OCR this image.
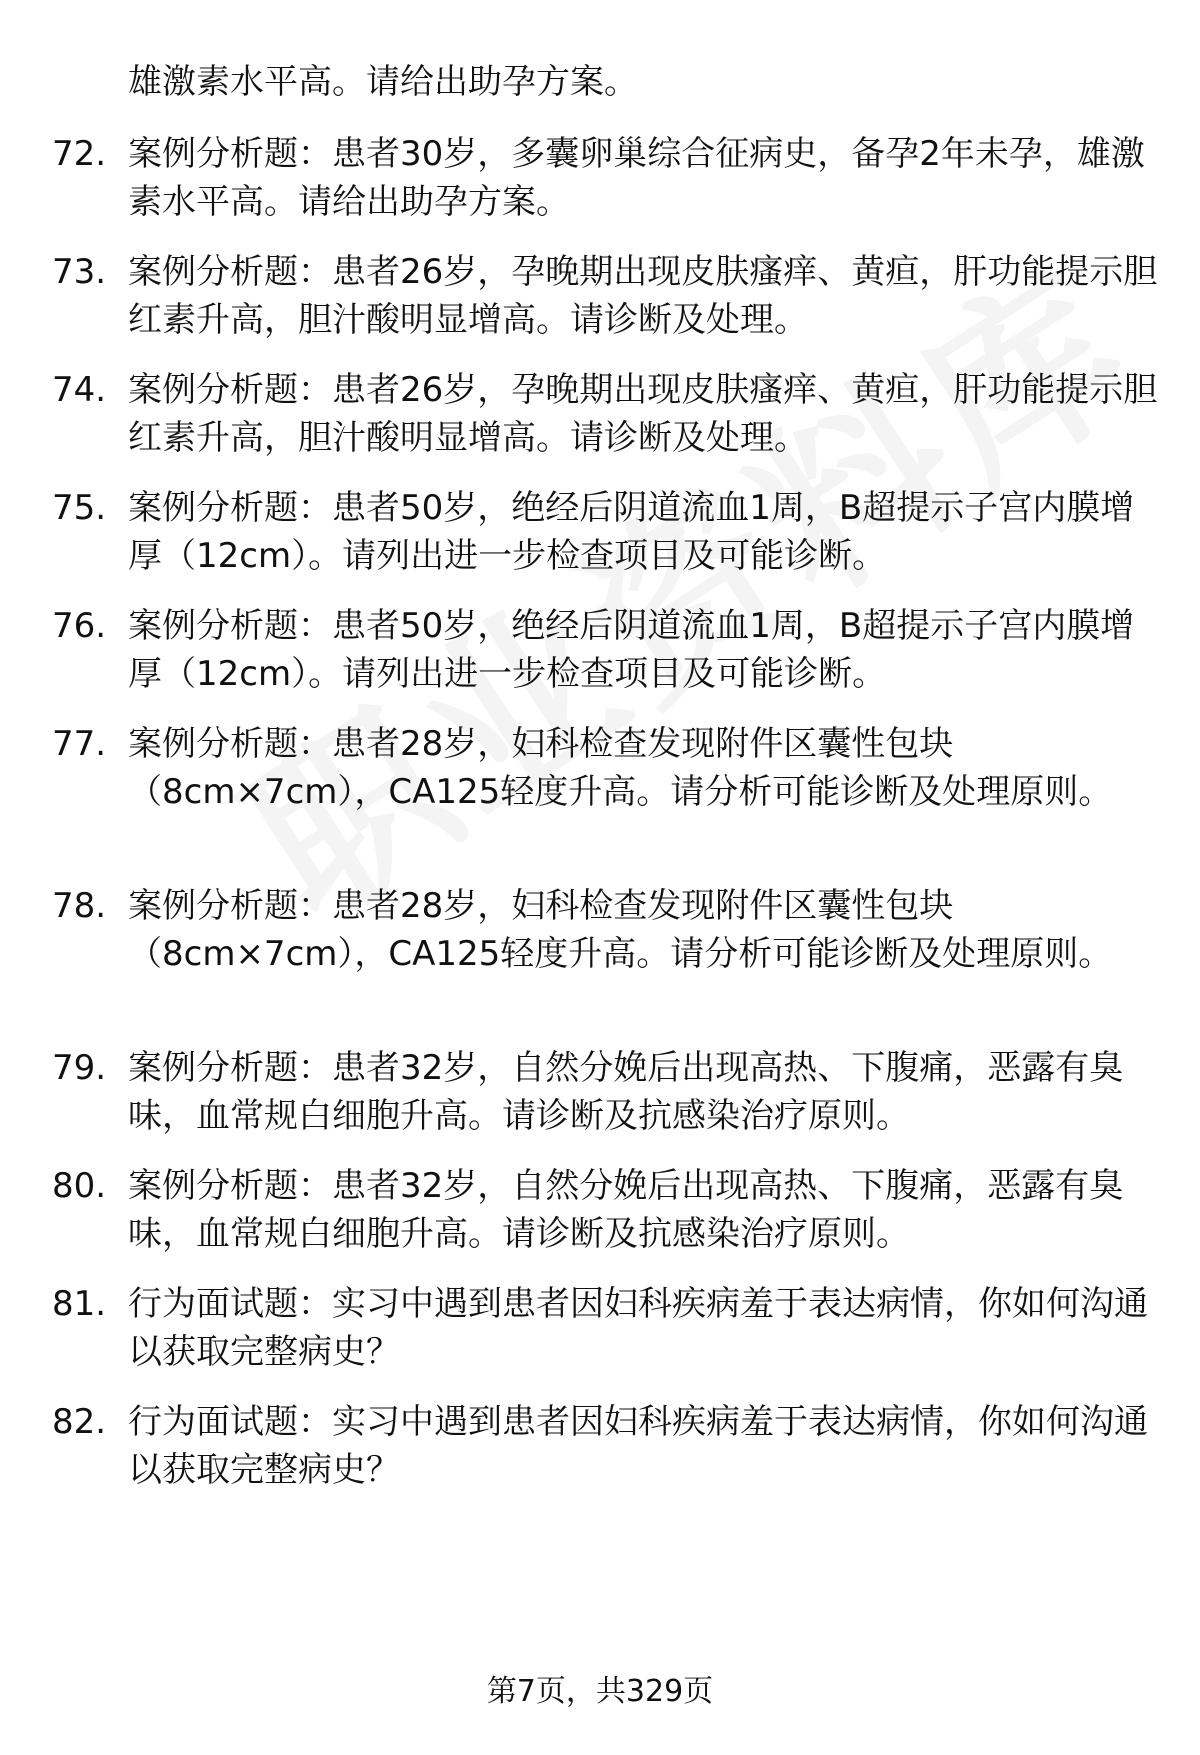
雄激素水平高。请给出助孕方案。
72. 案例分析题：患者30岁，多囊卵巢综合征病史，备孕2年未孕，雄激素水平高。请给出助孕方案。
73. 案例分析题：患者26岁，孕晚期出现皮肤瘙痒、黄疸，肝功能提示胆红素升高，胆汁酸明显增高。请诊断及处理。
74. 案例分析题：患者26岁，孕晚期出现皮肤瘙痒、黄疸，肝功能提示胆红素升高，胆汁酸明显增高。请诊断及处理。
75. 案例分析题：患者50岁，绝经后阴道流血1周，B超提示子宫内膜增厚（12cm）。请列出进一步检查项目及可能诊断。
76. 案例分析题：患者50岁，绝经后阴道流血1周，B超提示子宫内膜增厚（12cm）。请列出进一步检查项目及可能诊断。
77. 案例分析题：患者28岁，妇科检查发现附件区囊性包块（8cm×7cm），CA125轻度升高。请分析可能诊断及处理原则。
78. 案例分析题：患者28岁，妇科检查发现附件区囊性包块（8cm×7cm），CA125轻度升高。请分析可能诊断及处理原则。
79. 案例分析题：患者32岁，自然分娩后出现高热、下腹痛，恶露有臭味，血常规白细胞升高。请诊断及抗感染治疗原则。
80. 案例分析题：患者32岁，自然分娩后出现高热、下腹痛，恶露有臭味，血常规白细胞升高。请诊断及抗感染治疗原则。
81. 行为面试题：实习中遇到患者因妇科疾病羞于表达病情，你如何沟通以获取完整病史？
82. 行为面试题：实习中遇到患者因妇科疾病羞于表达病情，你如何沟通以获取完整病史？
第7页，共329页
